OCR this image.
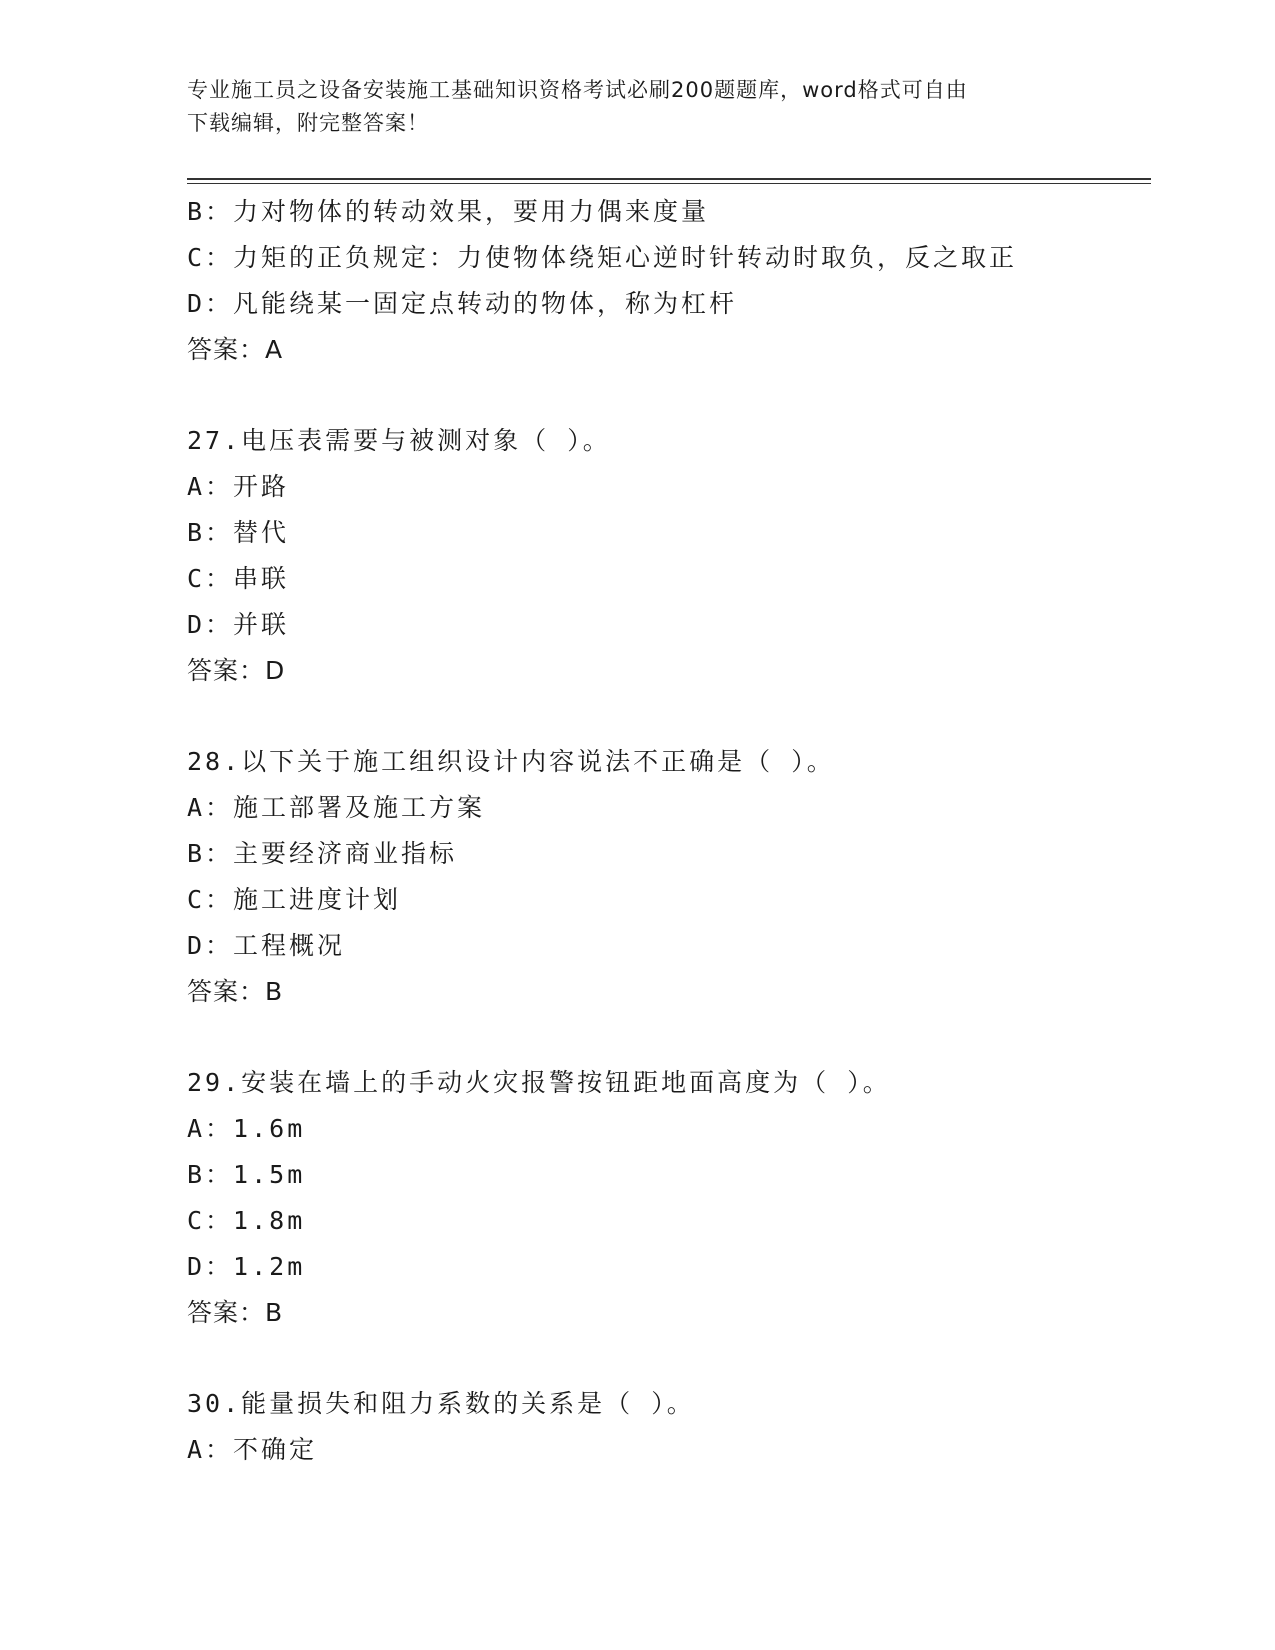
专业施工员之设备安装施工基础知识资格考试必刷200题题库，word格式可自由
下载编辑，附完整答案！
B：力对物体的转动效果，要用力偶来度量
C：力矩的正负规定：力使物体绕矩心逆时针转动时取负，反之取正
D：凡能绕某一固定点转动的物体，称为杠杆
答案：A
27.电压表需要与被测对象（ ）。
A：开路
B：替代
C：串联
D：并联
答案：D
28.以下关于施工组织设计内容说法不正确是（ ）。
A：施工部署及施工方案
B：主要经济商业指标
C：施工进度计划
D：工程概况
答案：B
29.安装在墙上的手动火灾报警按钮距地面高度为（ ）。
A：1.6m
B：1.5m
C：1.8m
D：1.2m
答案：B
30.能量损失和阻力系数的关系是（ ）。
A：不确定
